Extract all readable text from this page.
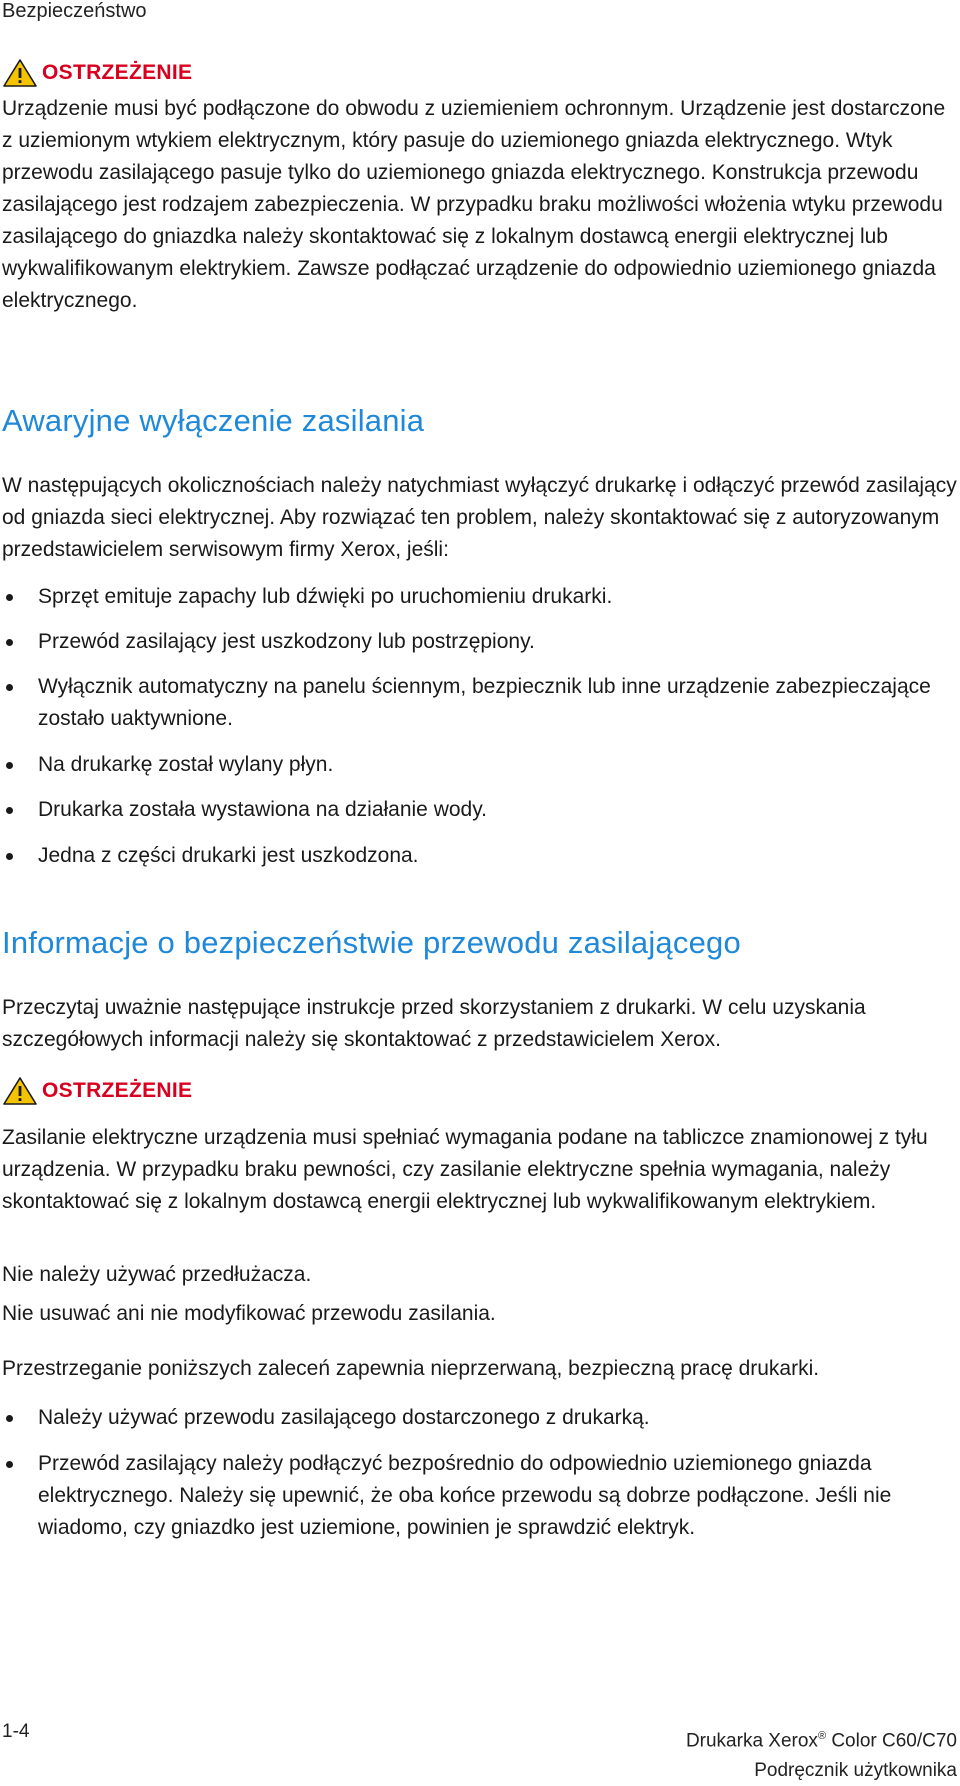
Bezpieczeństwo
OSTRZEŻENIE
Urządzenie musi być podłączone do obwodu z uziemieniem ochronnym. Urządzenie jest dostarczone z uziemionym wtykiem elektrycznym, który pasuje do uziemionego gniazda elektrycznego. Wtyk przewodu zasilającego pasuje tylko do uziemionego gniazda elektrycznego. Konstrukcja przewodu zasilającego jest rodzajem zabezpieczenia. W przypadku braku możliwości włożenia wtyku przewodu zasilającego do gniazdka należy skontaktować się z lokalnym dostawcą energii elektrycznej lub wykwalifikowanym elektrykiem. Zawsze podłączać urządzenie do odpowiednio uziemionego gniazda elektrycznego.
Awaryjne wyłączenie zasilania
W następujących okolicznościach należy natychmiast wyłączyć drukarkę i odłączyć przewód zasilający od gniazda sieci elektrycznej. Aby rozwiązać ten problem, należy skontaktować się z autoryzowanym przedstawicielem serwisowym firmy Xerox, jeśli:
Sprzęt emituje zapachy lub dźwięki po uruchomieniu drukarki.
Przewód zasilający jest uszkodzony lub postrzępiony.
Wyłącznik automatyczny na panelu ściennym, bezpiecznik lub inne urządzenie zabezpieczające zostało uaktywnione.
Na drukarkę został wylany płyn.
Drukarka została wystawiona na działanie wody.
Jedna z części drukarki jest uszkodzona.
Informacje o bezpieczeństwie przewodu zasilającego
Przeczytaj uważnie następujące instrukcje przed skorzystaniem z drukarki. W celu uzyskania szczegółowych informacji należy się skontaktować z przedstawicielem Xerox.
OSTRZEŻENIE
Zasilanie elektryczne urządzenia musi spełniać wymagania podane na tabliczce znamionowej z tyłu urządzenia. W przypadku braku pewności, czy zasilanie elektryczne spełnia wymagania, należy skontaktować się z lokalnym dostawcą energii elektrycznej lub wykwalifikowanym elektrykiem.
Nie należy używać przedłużacza.
Nie usuwać ani nie modyfikować przewodu zasilania.
Przestrzeganie poniższych zaleceń zapewnia nieprzerwaną, bezpieczną pracę drukarki.
Należy używać przewodu zasilającego dostarczonego z drukarką.
Przewód zasilający należy podłączyć bezpośrednio do odpowiednio uziemionego gniazda elektrycznego. Należy się upewnić, że oba końce przewodu są dobrze podłączone. Jeśli nie wiadomo, czy gniazdko jest uziemione, powinien je sprawdzić elektryk.
1-4	Drukarka Xerox® Color C60/C70
Podręcznik użytkownika
